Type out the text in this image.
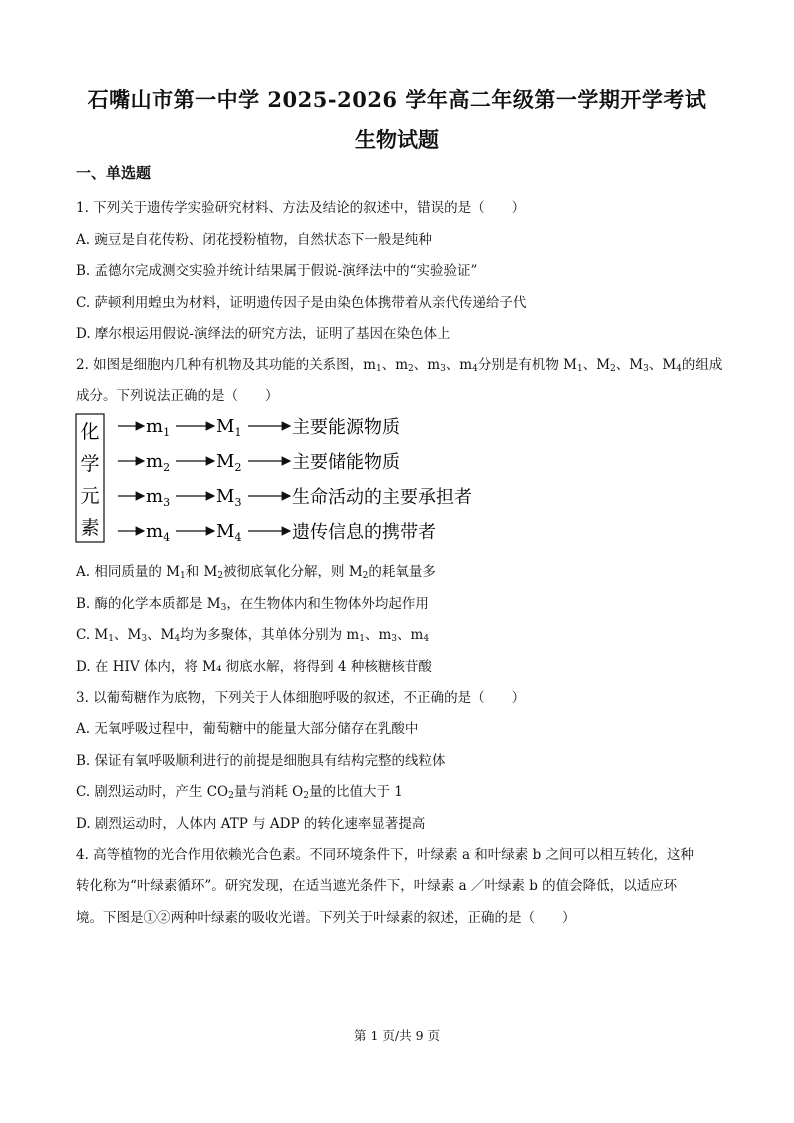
石嘴山市第一中学 2025-2026 学年高二年级第一学期开学考试
生物试题
一、单选题
1. 下列关于遗传学实验研究材料、方法及结论的叙述中，错误的是（　　）
A. 豌豆是自花传粉、闭花授粉植物，自然状态下一般是纯种
B. 孟德尔完成测交实验并统计结果属于假说-演绎法中的“实验验证”
C. 萨顿利用蝗虫为材料，证明遗传因子是由染色体携带着从亲代传递给子代
D. 摩尔根运用假说-演绎法的研究方法，证明了基因在染色体上
2. 如图是细胞内几种有机物及其功能的关系图，$m_1$、$m_2$、$m_3$、$m_4$分别是有机物 $M_1$、$M_2$、$M_3$、$M_4$的组成
成分。下列说法正确的是（　　）
化
学
元
素
$m_1$	$M_1$	主要能源物质
$m_2$	$M_2$	主要储能物质
$m_3$	$M_3$	生命活动的主要承担者
$m_4$	$M_4$	遗传信息的携带者
A. 相同质量的 $M_1$和 $M_2$被彻底氧化分解，则 $M_2$的耗氧量多
B. 酶的化学本质都是 $M_3$，在生物体内和生物体外均起作用
C. $M_1$、$M_3$、$M_4$均为多聚体，其单体分别为 $m_1$、$m_3$、$m_4$
D. 在 HIV 体内，将 M₄ 彻底水解，将得到 4 种核糖核苷酸
3. 以葡萄糖作为底物，下列关于人体细胞呼吸的叙述，不正确的是（　　）
A. 无氧呼吸过程中，葡萄糖中的能量大部分储存在乳酸中
B. 保证有氧呼吸顺利进行的前提是细胞具有结构完整的线粒体
C. 剧烈运动时，产生 $CO_2$量与消耗 $O_2$量的比值大于 1
D. 剧烈运动时，人体内 ATP 与 ADP 的转化速率显著提高
4. 高等植物的光合作用依赖光合色素。不同环境条件下，叶绿素 a 和叶绿素 b 之间可以相互转化，这种
转化称为“叶绿素循环”。研究发现，在适当遮光条件下，叶绿素 a ／叶绿素 b 的值会降低，以适应环
境。下图是①②两种叶绿素的吸收光谱。下列关于叶绿素的叙述，正确的是（　　）
第 1 页/共 9 页
